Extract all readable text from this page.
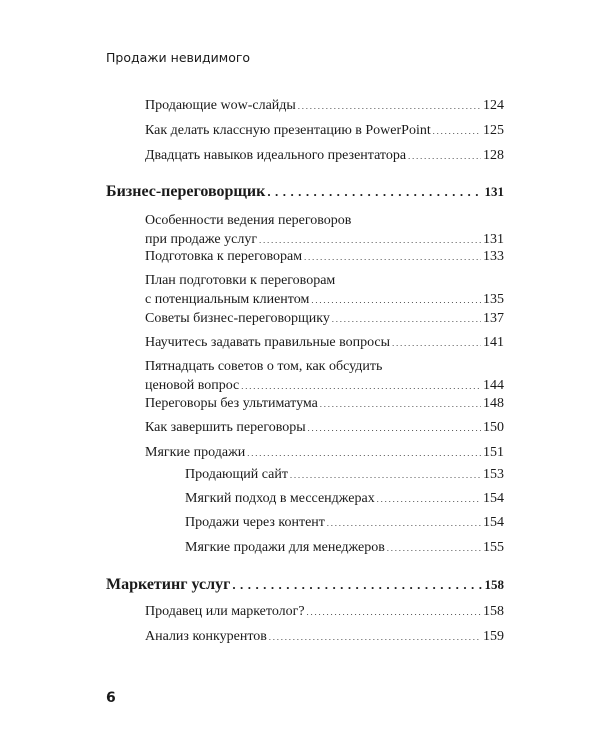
Продажи невидимого
Продающие wow-слайды . . .	124
Как делать классную презентацию в PowerPoint . . .	125
Двадцать навыков идеального презентатора . . .	128
Бизнес-переговорщик . . .	131
Особенности ведения переговоров
при продаже услуг . . .	131
Подготовка к переговорам . . .	133
План подготовки к переговорам
с потенциальным клиентом . . .	135
Советы бизнес-переговорщику . . .	137
Научитесь задавать правильные вопросы . . .	141
Пятнадцать советов о том, как обсудить
ценовой вопрос . . .	144
Переговоры без ультиматума . . .	148
Как завершить переговоры . . .	150
Мягкие продажи . . .	151
Продающий сайт . . .	153
Мягкий подход в мессенджерах . . .	154
Продажи через контент . . .	154
Мягкие продажи для менеджеров . . .	155
Маркетинг услуг . . .	158
Продавец или маркетолог? . . .	158
Анализ конкурентов . . .	159
6
